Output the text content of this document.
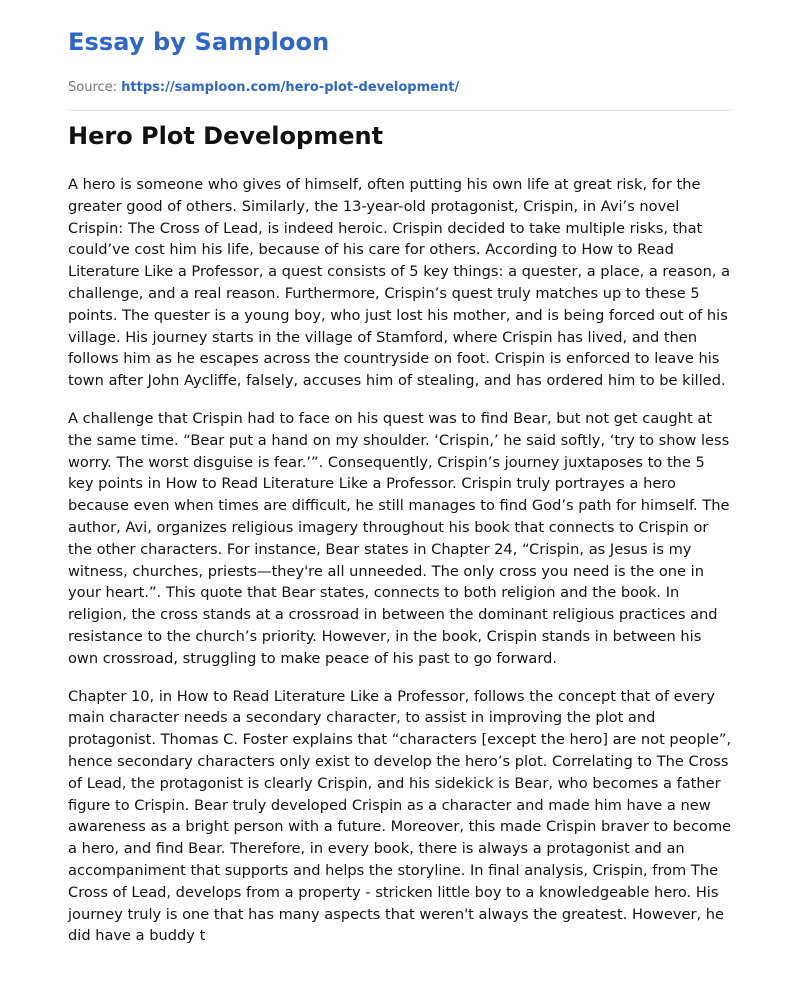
Essay by Samploon
Source: https://samploon.com/hero-plot-development/
Hero Plot Development

A hero is someone who gives of himself, often putting his own life at great risk, for the greater good of others. Similarly, the 13-year-old protagonist, Crispin, in Avi’s novel Crispin: The Cross of Lead, is indeed heroic. Crispin decided to take multiple risks, that could’ve cost him his life, because of his care for others. According to How to Read Literature Like a Professor, a quest consists of 5 key things: a quester, a place, a reason, a challenge, and a real reason. Furthermore, Crispin’s quest truly matches up to these 5 points. The quester is a young boy, who just lost his mother, and is being forced out of his village. His journey starts in the village of Stamford, where Crispin has lived, and then follows him as he escapes across the countryside on foot. Crispin is enforced to leave his town after John Aycliffe, falsely, accuses him of stealing, and has ordered him to be killed.

A challenge that Crispin had to face on his quest was to find Bear, but not get caught at the same time. “Bear put a hand on my shoulder. ‘Crispin,’ he said softly, ‘try to show less worry. The worst disguise is fear.’”. Consequently, Crispin’s journey juxtaposes to the 5 key points in How to Read Literature Like a Professor. Crispin truly portrayes a hero because even when times are difficult, he still manages to find God’s path for himself. The author, Avi, organizes religious imagery throughout his book that connects to Crispin or the other characters. For instance, Bear states in Chapter 24, “Crispin, as Jesus is my witness, churches, priests—they're all unneeded. The only cross you need is the one in your heart.”. This quote that Bear states, connects to both religion and the book. In religion, the cross stands at a crossroad in between the dominant religious practices and resistance to the church’s priority. However, in the book, Crispin stands in between his own crossroad, struggling to make peace of his past to go forward.

Chapter 10, in How to Read Literature Like a Professor, follows the concept that of every main character needs a secondary character, to assist in improving the plot and protagonist. Thomas C. Foster explains that “characters [except the hero] are not people”, hence secondary characters only exist to develop the hero’s plot. Correlating to The Cross of Lead, the protagonist is clearly Crispin, and his sidekick is Bear, who becomes a father figure to Crispin. Bear truly developed Crispin as a character and made him have a new awareness as a bright person with a future. Moreover, this made Crispin braver to become a hero, and find Bear. Therefore, in every book, there is always a protagonist and an accompaniment that supports and helps the storyline. In final analysis, Crispin, from The Cross of Lead, develops from a property - stricken little boy to a knowledgeable hero. His journey truly is one that has many aspects that weren't always the greatest. However, he did have a buddy t
